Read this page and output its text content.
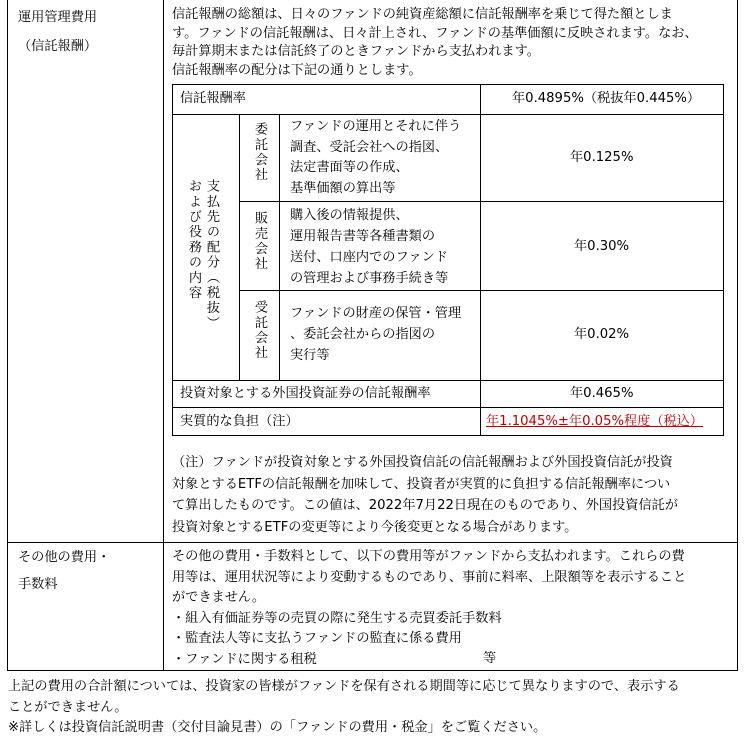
運用管理費用
（信託報酬）
信託報酬の総額は、日々のファンドの純資産総額に信託報酬率を乗じて得た額としま
す。ファンドの信託報酬は、日々計上され、ファンドの基準価額に反映されます。なお、
毎計算期末または信託終了のときファンドから支払われます。
信託報酬率の配分は下記の通りとします。
信託報酬率	年0.4895%（税抜年0.445%）
支払先の配分（税抜）
および役務の内容
委託会社 ファンドの運用とそれに伴う
調査、受託会社への指図、
法定書面等の作成、
基準価額の算出等
年0.125%
販売会社 購入後の情報提供、
運用報告書等各種書類の
送付、口座内でのファンド
の管理および事務手続き等
年0.30%
受託会社 ファンドの財産の保管・管理
、委託会社からの指図の
実行等
年0.02%
投資対象とする外国投資証券の信託報酬率	年0.465%
実質的な負担（注）	年1.1045%±年0.05%程度（税込）
（注）ファンドが投資対象とする外国投資信託の信託報酬および外国投資信託が投資
対象とするETFの信託報酬を加味して、投資者が実質的に負担する信託報酬率につい
て算出したものです。この値は、2022年7月22日現在のものであり、外国投資信託が
投資対象とするETFの変更等により今後変更となる場合があります。
その他の費用・
手数料
その他の費用・手数料として、以下の費用等がファンドから支払われます。これらの費
用等は、運用状況等により変動するものであり、事前に料率、上限額等を表示すること
ができません。
・組入有価証券等の売買の際に発生する売買委託手数料
・監査法人等に支払うファンドの監査に係る費用
・ファンドに関する租税	等
上記の費用の合計額については、投資家の皆様がファンドを保有される期間等に応じて異なりますので、表示する
ことができません。
※詳しくは投資信託説明書（交付目論見書）の「ファンドの費用・税金」をご覧ください。
